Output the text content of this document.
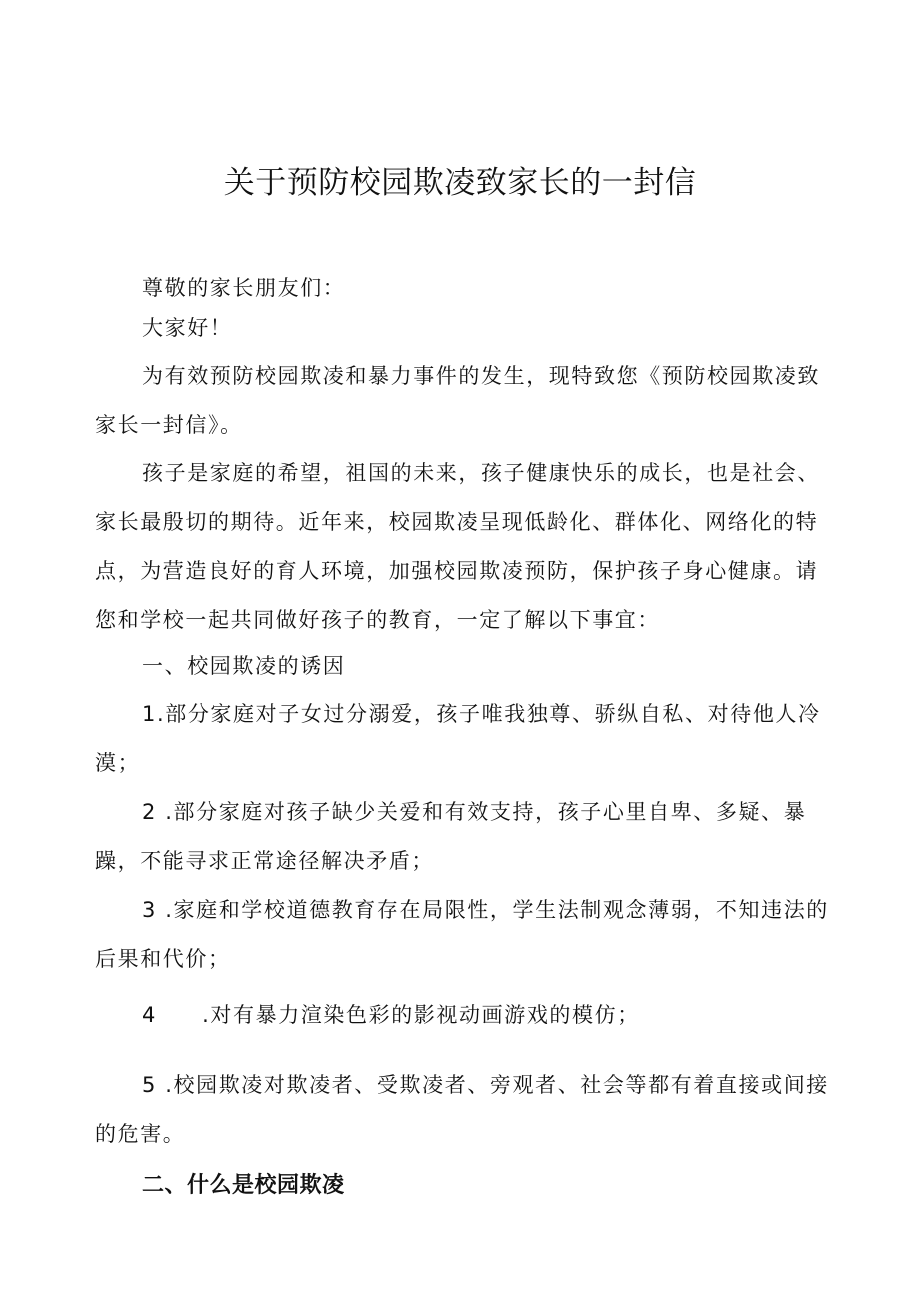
关于预防校园欺凌致家长的一封信

尊敬的家长朋友们：

大家好！

为有效预防校园欺凌和暴力事件的发生，现特致您《预防校园欺凌致
家长一封信》。

孩子是家庭的希望，祖国的未来，孩子健康快乐的成长，也是社会、
家长最殷切的期待。近年来，校园欺凌呈现低龄化、群体化、网络化的特
点，为营造良好的育人环境，加强校园欺凌预防，保护孩子身心健康。请
您和学校一起共同做好孩子的教育，一定了解以下事宜：

一、校园欺凌的诱因

1.部分家庭对子女过分溺爱，孩子唯我独尊、骄纵自私、对待他人冷
漠；

2 .部分家庭对孩子缺少关爱和有效支持，孩子心里自卑、多疑、暴
躁，不能寻求正常途径解决矛盾；

3 .家庭和学校道德教育存在局限性，学生法制观念薄弱，不知违法的
后果和代价；

4　　.对有暴力渲染色彩的影视动画游戏的模仿；

5 .校园欺凌对欺凌者、受欺凌者、旁观者、社会等都有着直接或间接
的危害。

二、什么是校园欺凌
